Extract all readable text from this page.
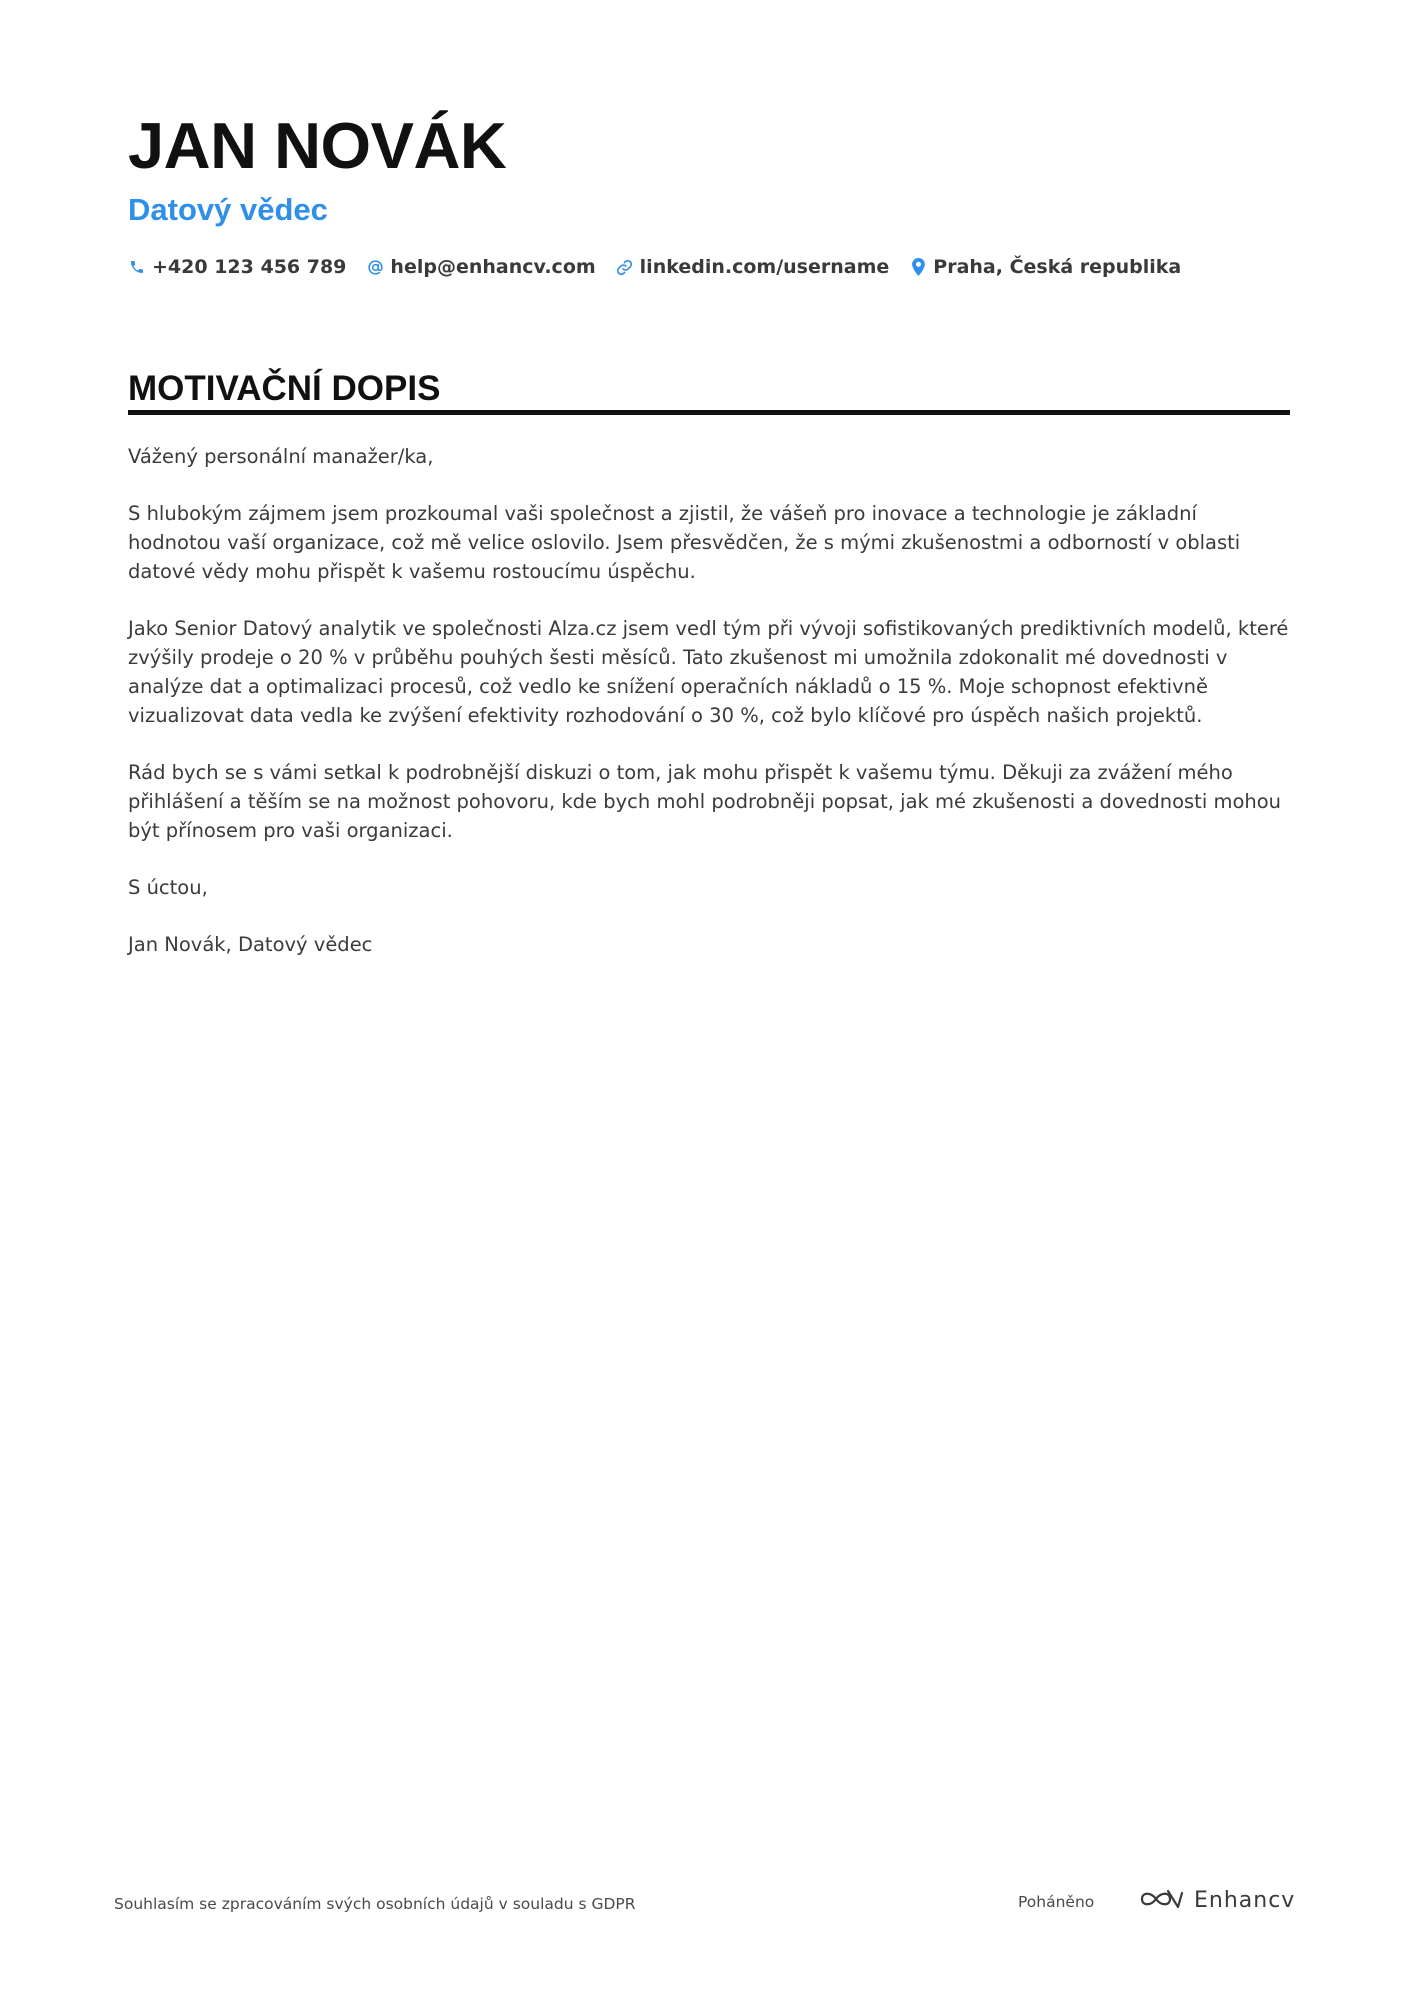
JAN NOVÁK
Datový vědec
+420 123 456 789 help@enhancv.com linkedin.com/username Praha, Česká republika
MOTIVAČNÍ DOPIS

Vážený personální manažer/ka,

S hlubokým zájmem jsem prozkoumal vaši společnost a zjistil, že vášeň pro inovace a technologie je základní hodnotou vaší organizace, což mě velice oslovilo. Jsem přesvědčen, že s mými zkušenostmi a odborností v oblasti datové vědy mohu přispět k vašemu rostoucímu úspěchu.

Jako Senior Datový analytik ve společnosti Alza.cz jsem vedl tým při vývoji sofistikovaných prediktivních modelů, které zvýšily prodeje o 20 % v průběhu pouhých šesti měsíců. Tato zkušenost mi umožnila zdokonalit mé dovednosti v analýze dat a optimalizaci procesů, což vedlo ke snížení operačních nákladů o 15 %. Moje schopnost efektivně vizualizovat data vedla ke zvýšení efektivity rozhodování o 30 %, což bylo klíčové pro úspěch našich projektů.

Rád bych se s vámi setkal k podrobnější diskuzi o tom, jak mohu přispět k vašemu týmu. Děkuji za zvážení mého přihlášení a těším se na možnost pohovoru, kde bych mohl podrobněji popsat, jak mé zkušenosti a dovednosti mohou být přínosem pro vaši organizaci.

S úctou,

Jan Novák, Datový vědec

Souhlasím se zpracováním svých osobních údajů v souladu s GDPR	Poháněno	Enhancv
